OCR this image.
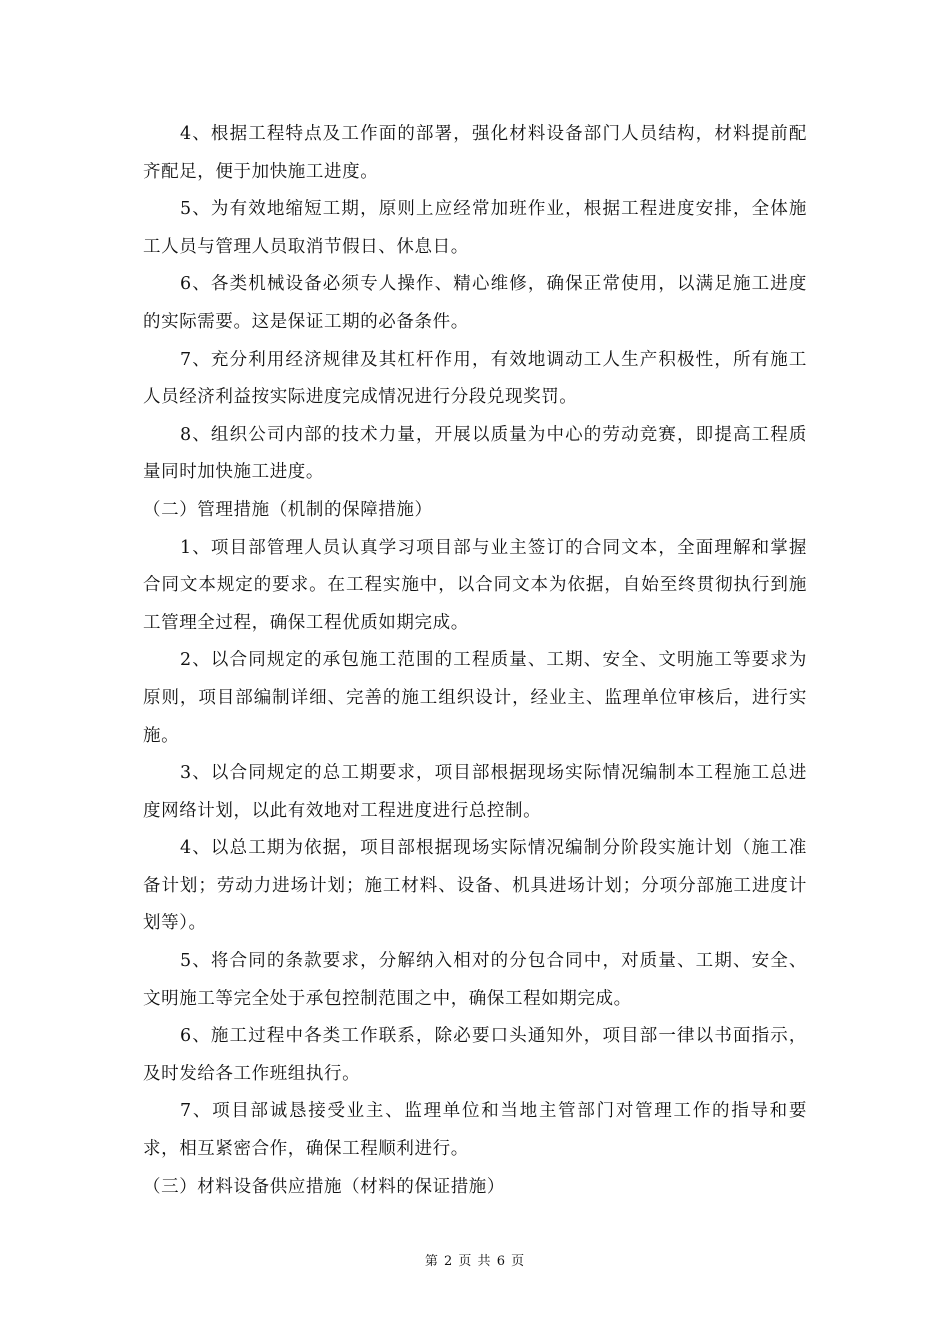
4、根据工程特点及工作面的部署，强化材料设备部门人员结构，材料提前配齐配足，便于加快施工进度。

5、为有效地缩短工期，原则上应经常加班作业，根据工程进度安排，全体施工人员与管理人员取消节假日、休息日。

6、各类机械设备必须专人操作、精心维修，确保正常使用，以满足施工进度的实际需要。这是保证工期的必备条件。

7、充分利用经济规律及其杠杆作用，有效地调动工人生产积极性，所有施工人员经济利益按实际进度完成情况进行分段兑现奖罚。

8、组织公司内部的技术力量，开展以质量为中心的劳动竞赛，即提高工程质量同时加快施工进度。

（二）管理措施（机制的保障措施）

1、项目部管理人员认真学习项目部与业主签订的合同文本，全面理解和掌握合同文本规定的要求。在工程实施中，以合同文本为依据，自始至终贯彻执行到施工管理全过程，确保工程优质如期完成。

2、以合同规定的承包施工范围的工程质量、工期、安全、文明施工等要求为原则，项目部编制详细、完善的施工组织设计，经业主、监理单位审核后，进行实施。

3、以合同规定的总工期要求，项目部根据现场实际情况编制本工程施工总进度网络计划，以此有效地对工程进度进行总控制。

4、以总工期为依据，项目部根据现场实际情况编制分阶段实施计划（施工准备计划；劳动力进场计划；施工材料、设备、机具进场计划；分项分部施工进度计划等）。

5、将合同的条款要求，分解纳入相对的分包合同中，对质量、工期、安全、文明施工等完全处于承包控制范围之中，确保工程如期完成。

6、施工过程中各类工作联系，除必要口头通知外，项目部一律以书面指示，及时发给各工作班组执行。

7、项目部诚恳接受业主、监理单位和当地主管部门对管理工作的指导和要求，相互紧密合作，确保工程顺利进行。

（三）材料设备供应措施（材料的保证措施）

第 2 页 共 6 页
